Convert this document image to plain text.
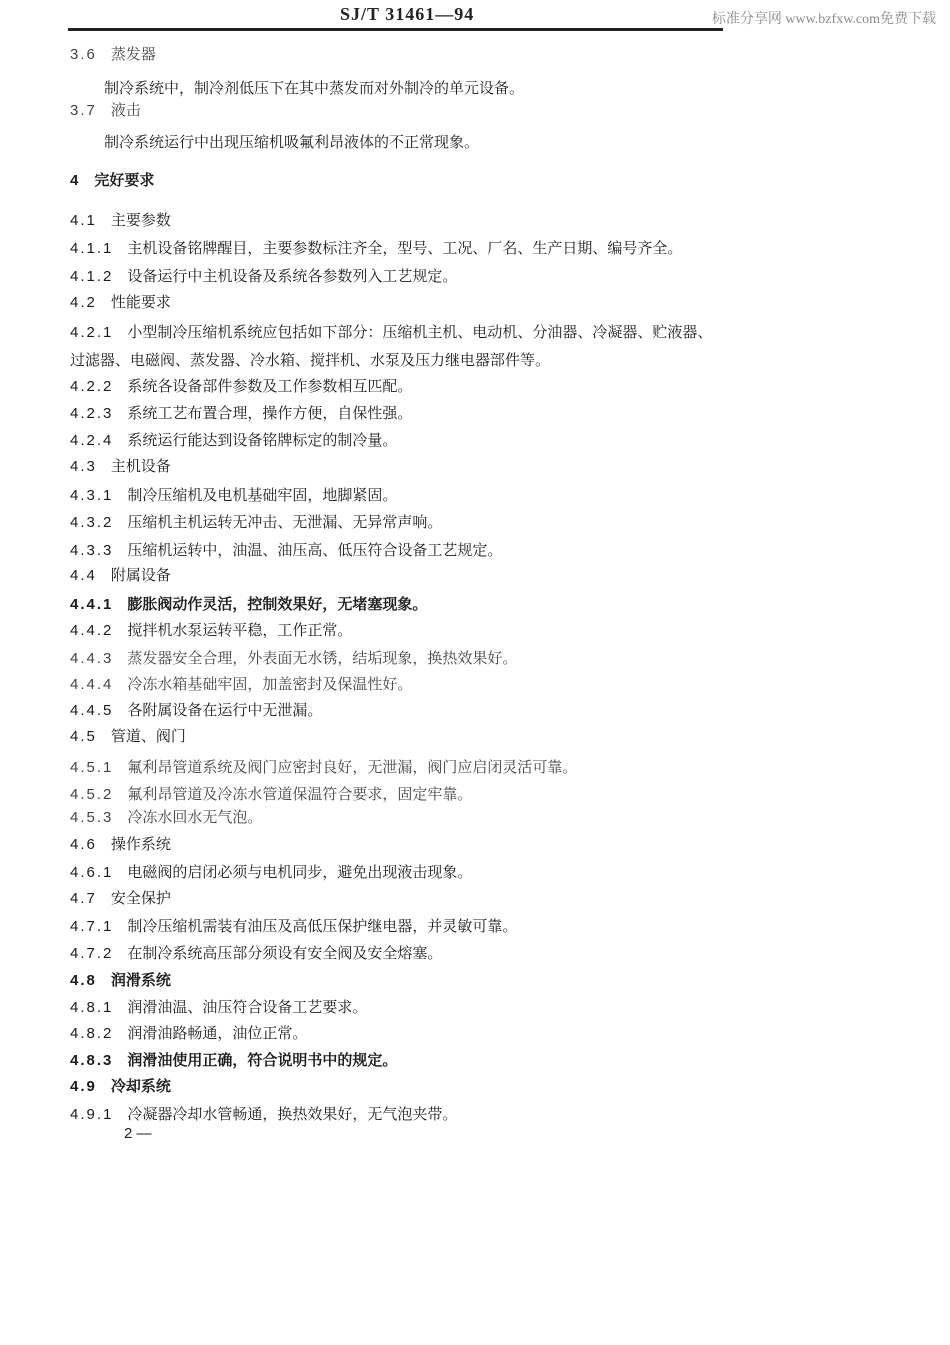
SJ/T 31461—94	标准分享网 www.bzfxw.com免费下载
3.6 蒸发器
制冷系统中，制冷剂低压下在其中蒸发而对外制冷的单元设备。
3.7 液击
制冷系统运行中出现压缩机吸氟利昂液体的不正常现象。
4 完好要求
4.1 主要参数
4.1.1 主机设备铭牌醒目，主要参数标注齐全，型号、工况、厂名、生产日期、编号齐全。
4.1.2 设备运行中主机设备及系统各参数列入工艺规定。
4.2 性能要求
4.2.1 小型制冷压缩机系统应包括如下部分：压缩机主机、电动机、分油器、冷凝器、贮液器、
过滤器、电磁阀、蒸发器、冷水箱、搅拌机、水泵及压力继电器部件等。
4.2.2 系统各设备部件参数及工作参数相互匹配。
4.2.3 系统工艺布置合理，操作方便，自保性强。
4.2.4 系统运行能达到设备铭牌标定的制冷量。
4.3 主机设备
4.3.1 制冷压缩机及电机基础牢固，地脚紧固。
4.3.2 压缩机主机运转无冲击、无泄漏、无异常声响。
4.3.3 压缩机运转中，油温、油压高、低压符合设备工艺规定。
4.4 附属设备
4.4.1 膨胀阀动作灵活，控制效果好，无堵塞现象。
4.4.2 搅拌机水泵运转平稳，工作正常。
4.4.3 蒸发器安全合理，外表面无水锈，结垢现象，换热效果好。
4.4.4 冷冻水箱基础牢固，加盖密封及保温性好。
4.4.5 各附属设备在运行中无泄漏。
4.5 管道、阀门
4.5.1 氟利昂管道系统及阀门应密封良好，无泄漏，阀门应启闭灵活可靠。
4.5.2 氟利昂管道及冷冻水管道保温符合要求，固定牢靠。
4.5.3 冷冻水回水无气泡。
4.6 操作系统
4.6.1 电磁阀的启闭必须与电机同步，避免出现液击现象。
4.7 安全保护
4.7.1 制冷压缩机需装有油压及高低压保护继电器，并灵敏可靠。
4.7.2 在制冷系统高压部分须设有安全阀及安全熔塞。
4.8 润滑系统
4.8.1 润滑油温、油压符合设备工艺要求。
4.8.2 润滑油路畅通，油位正常。
4.8.3 润滑油使用正确，符合说明书中的规定。
4.9 冷却系统
4.9.1 冷凝器冷却水管畅通，换热效果好，无气泡夹带。
2 —
